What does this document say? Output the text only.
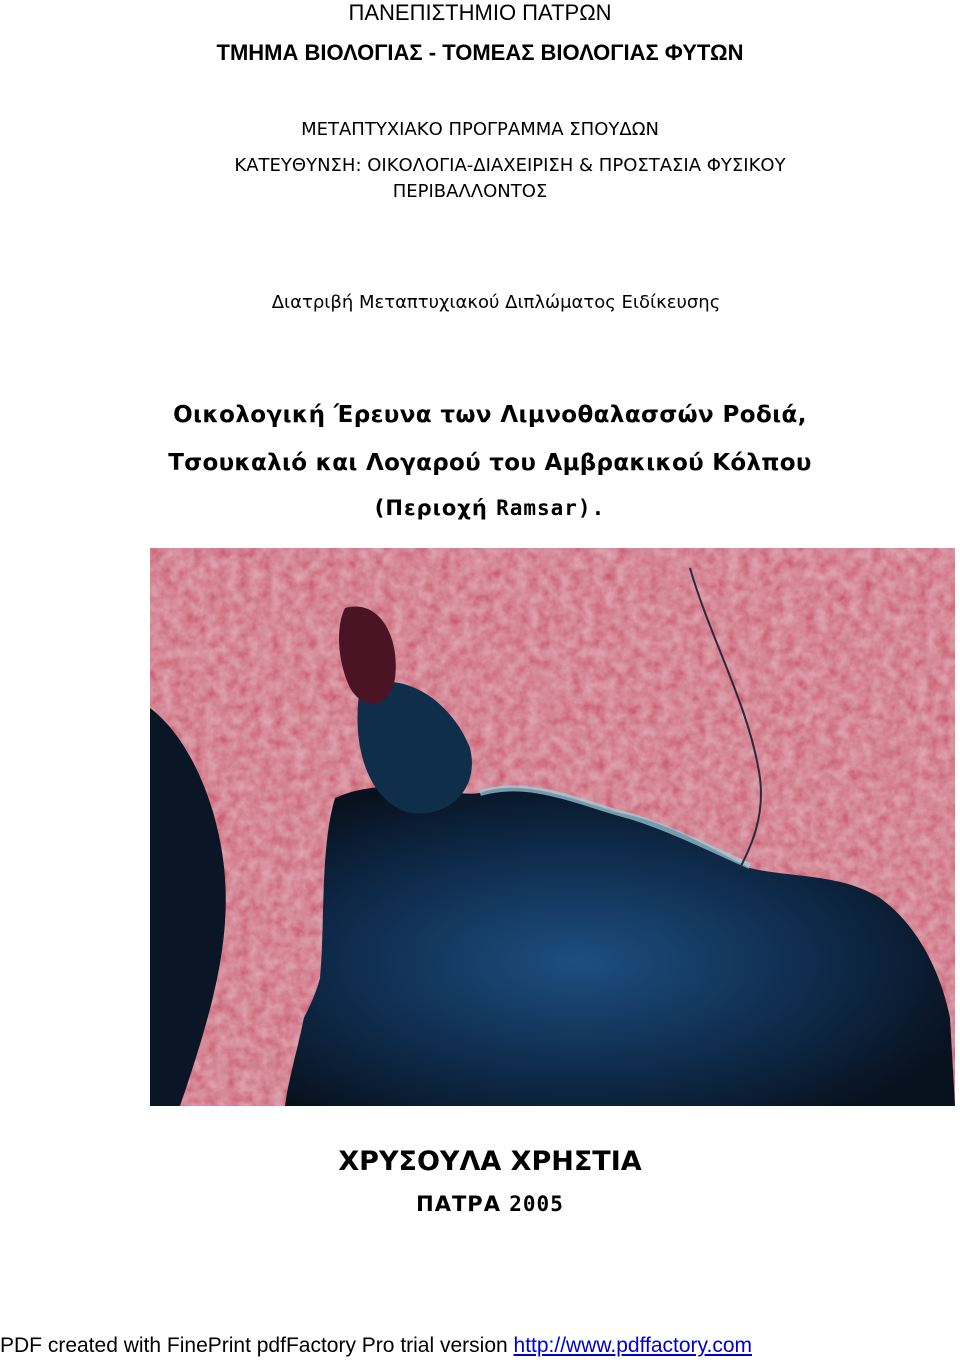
ΠΑΝΕΠΙΣΤΗΜΙΟ ΠΑΤΡΩΝ
ΤΜΗΜΑ ΒΙΟΛΟΓΙΑΣ - ΤΟΜΕΑΣ ΒΙΟΛΟΓΙΑΣ ΦΥΤΩΝ
ΜΕΤΑΠΤΥΧΙΑΚΟ ΠΡΟΓΡΑΜΜΑ ΣΠΟΥΔΩΝ
ΚΑΤΕΥΘΥΝΣΗ: ΟΙΚΟΛΟΓΙΑ-ΔΙΑΧΕΙΡΙΣΗ & ΠΡΟΣΤΑΣΙΑ ΦΥΣΙΚΟΥ
ΠΕΡΙΒΑΛΛΟΝΤΟΣ
Διατριβή Μεταπτυχιακού Διπλώματος Ειδίκευσης
Οικολογική Έρευνα των Λιμνοθαλασσών Ροδιά,
Τσουκαλιό και Λογαρού του Αμβρακικού Κόλπου
(Περιοχή Ramsar).
ΧΡΥΣΟΥΛΑ ΧΡΗΣΤΙΑ
ΠΑΤΡΑ 2005
PDF created with FinePrint pdfFactory Pro trial version http://www.pdffactory.com
